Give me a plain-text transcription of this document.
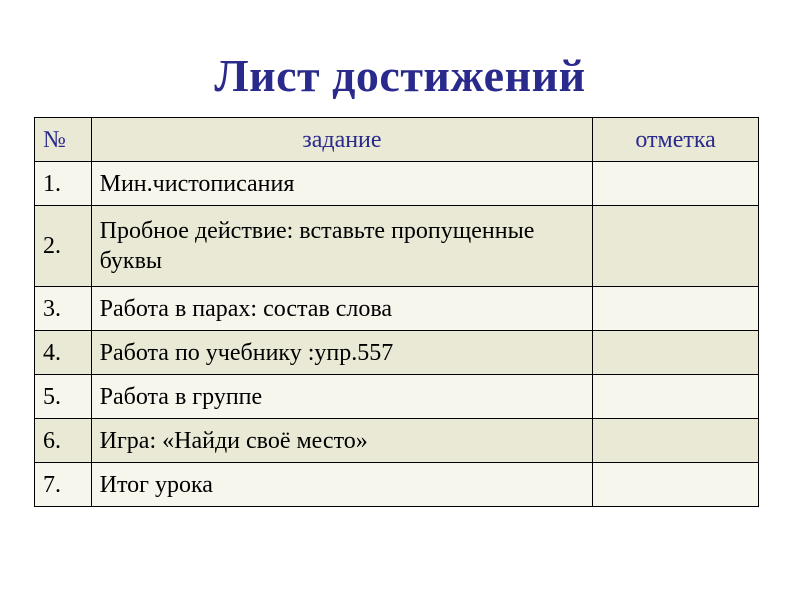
Лист достижений
№	задание	отметка
1.	Мин.чистописания	
2.	Пробное действие: вставьте пропущенные буквы	
3.	Работа в парах: состав слова	
4.	Работа по учебнику :упр.557	
5.	Работа в группе	
6.	Игра: «Найди своё место»	
7.	Итог урока	
